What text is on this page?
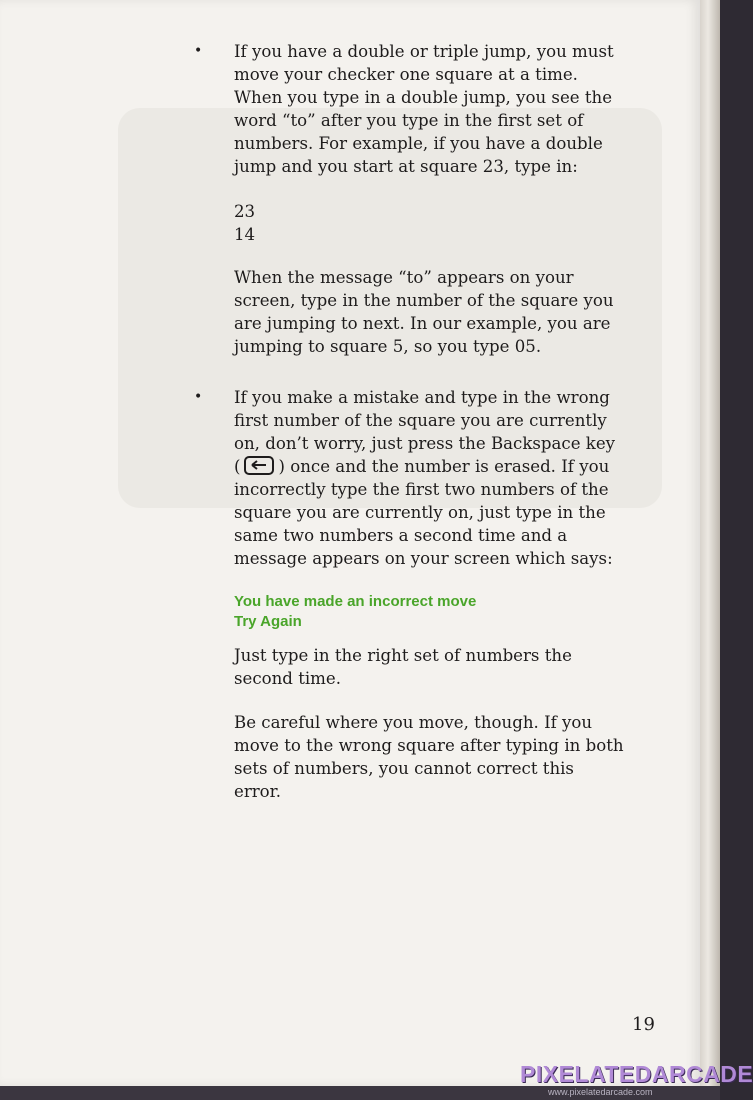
• If you have a double or triple jump, you must
move your checker one square at a time.
When you type in a double jump, you see the
word “to” after you type in the first set of
numbers. For example, if you have a double
jump and you start at square 23, type in:

23
14

When the message “to” appears on your
screen, type in the number of the square you
are jumping to next. In our example, you are
jumping to square 5, so you type 05.

• If you make a mistake and type in the wrong
first number of the square you are currently
on, don’t worry, just press the Backspace key
( ) once and the number is erased. If you
incorrectly type the first two numbers of the
square you are currently on, just type in the
same two numbers a second time and a
message appears on your screen which says:

You have made an incorrect move
Try Again

Just type in the right set of numbers the
second time.

Be careful where you move, though. If you
move to the wrong square after typing in both
sets of numbers, you cannot correct this
error.

19
PIXELATEDARCADE
www.pixelatedarcade.com
